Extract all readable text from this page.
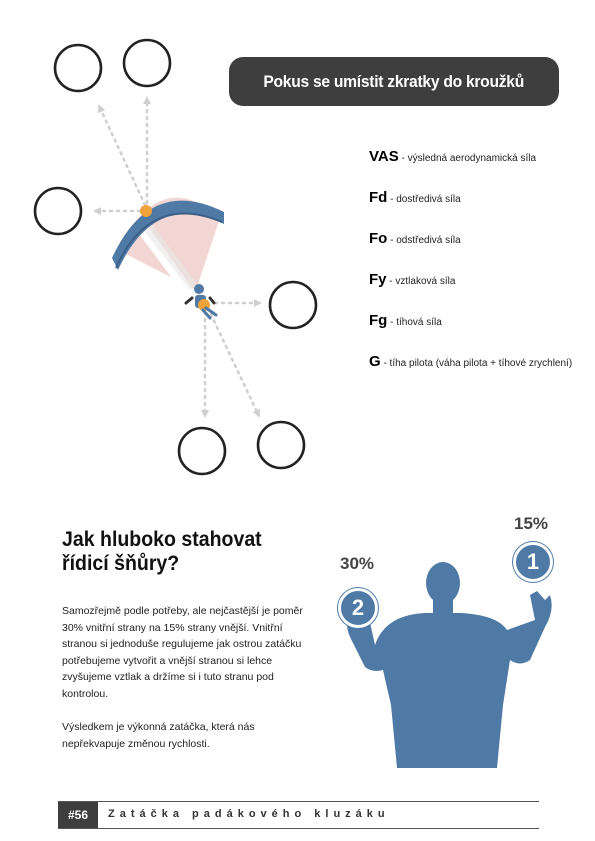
Pokus se umístit zkratky do kroužků
VAS - výsledná aerodynamická síla
Fd - dostředivá síla
Fo - odstředivá síla
Fy - vztlaková síla
Fg - tíhová síla
G - tíha pilota (váha pilota + tíhové zrychlení)
Jak hluboko stahovat řídicí šňůry?
Samozřejmě podle potřeby, ale nejčastější je poměr 30% vnitřní strany na 15% strany vnější. Vnitřní stranou si jednoduše regulujeme jak ostrou zatáčku potřebujeme vytvořit a vnější stranou si lehce zvyšujeme vztlak a držíme si i tuto stranu pod kontrolou.
Výsledkem je výkonná zatáčka, která nás nepřekvapuje změnou rychlosti.
15%
30%	1
2
#56	Zatáčka padákového kluzáku
